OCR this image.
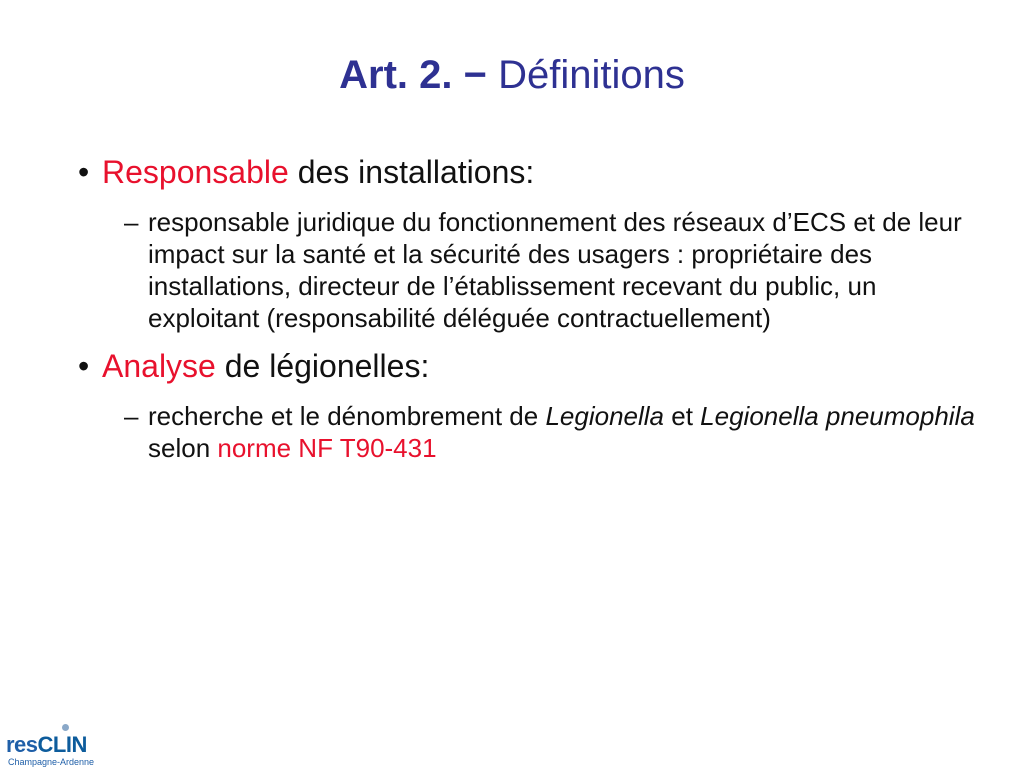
Art. 2. − Définitions
• Responsable des installations:
– responsable juridique du fonctionnement des réseaux d’ECS et de leur impact sur la santé et la sécurité des usagers : propriétaire des installations, directeur de l’établissement recevant du public, un exploitant (responsabilité déléguée contractuellement)
• Analyse de légionelles:
– recherche et le dénombrement de Legionella et Legionella pneumophila selon norme NF T90-431
resCLIN
Champagne-Ardenne
